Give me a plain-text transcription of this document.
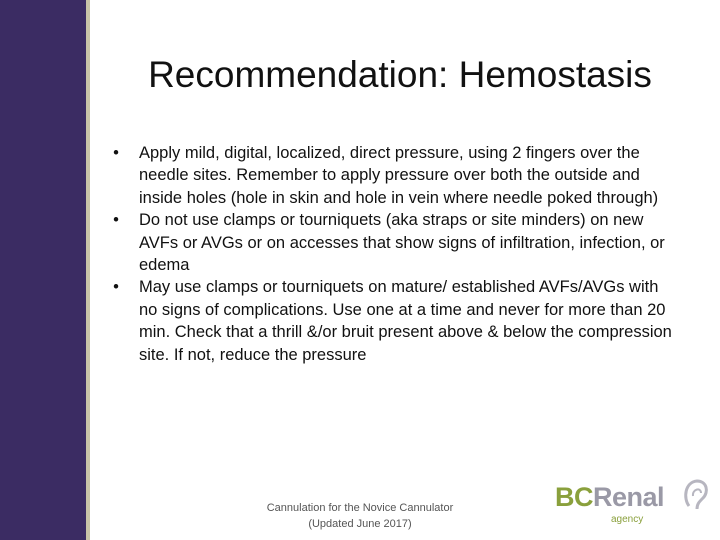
Recommendation: Hemostasis
• Apply mild, digital, localized, direct pressure, using 2 fingers over the needle sites. Remember to apply pressure over both the outside and inside holes (hole in skin and hole in vein where needle poked through)
• Do not use clamps or tourniquets (aka straps or site minders) on new AVFs or AVGs or on accesses that show signs of infiltration, infection, or edema
• May use clamps or tourniquets on mature/ established AVFs/AVGs with no signs of complications. Use one at a time and never for more than 20 min. Check that a thrill &/or bruit present above & below the compression site. If not, reduce the pressure
Cannulation for the Novice Cannulator
(Updated June 2017)
BCRenal
agency
